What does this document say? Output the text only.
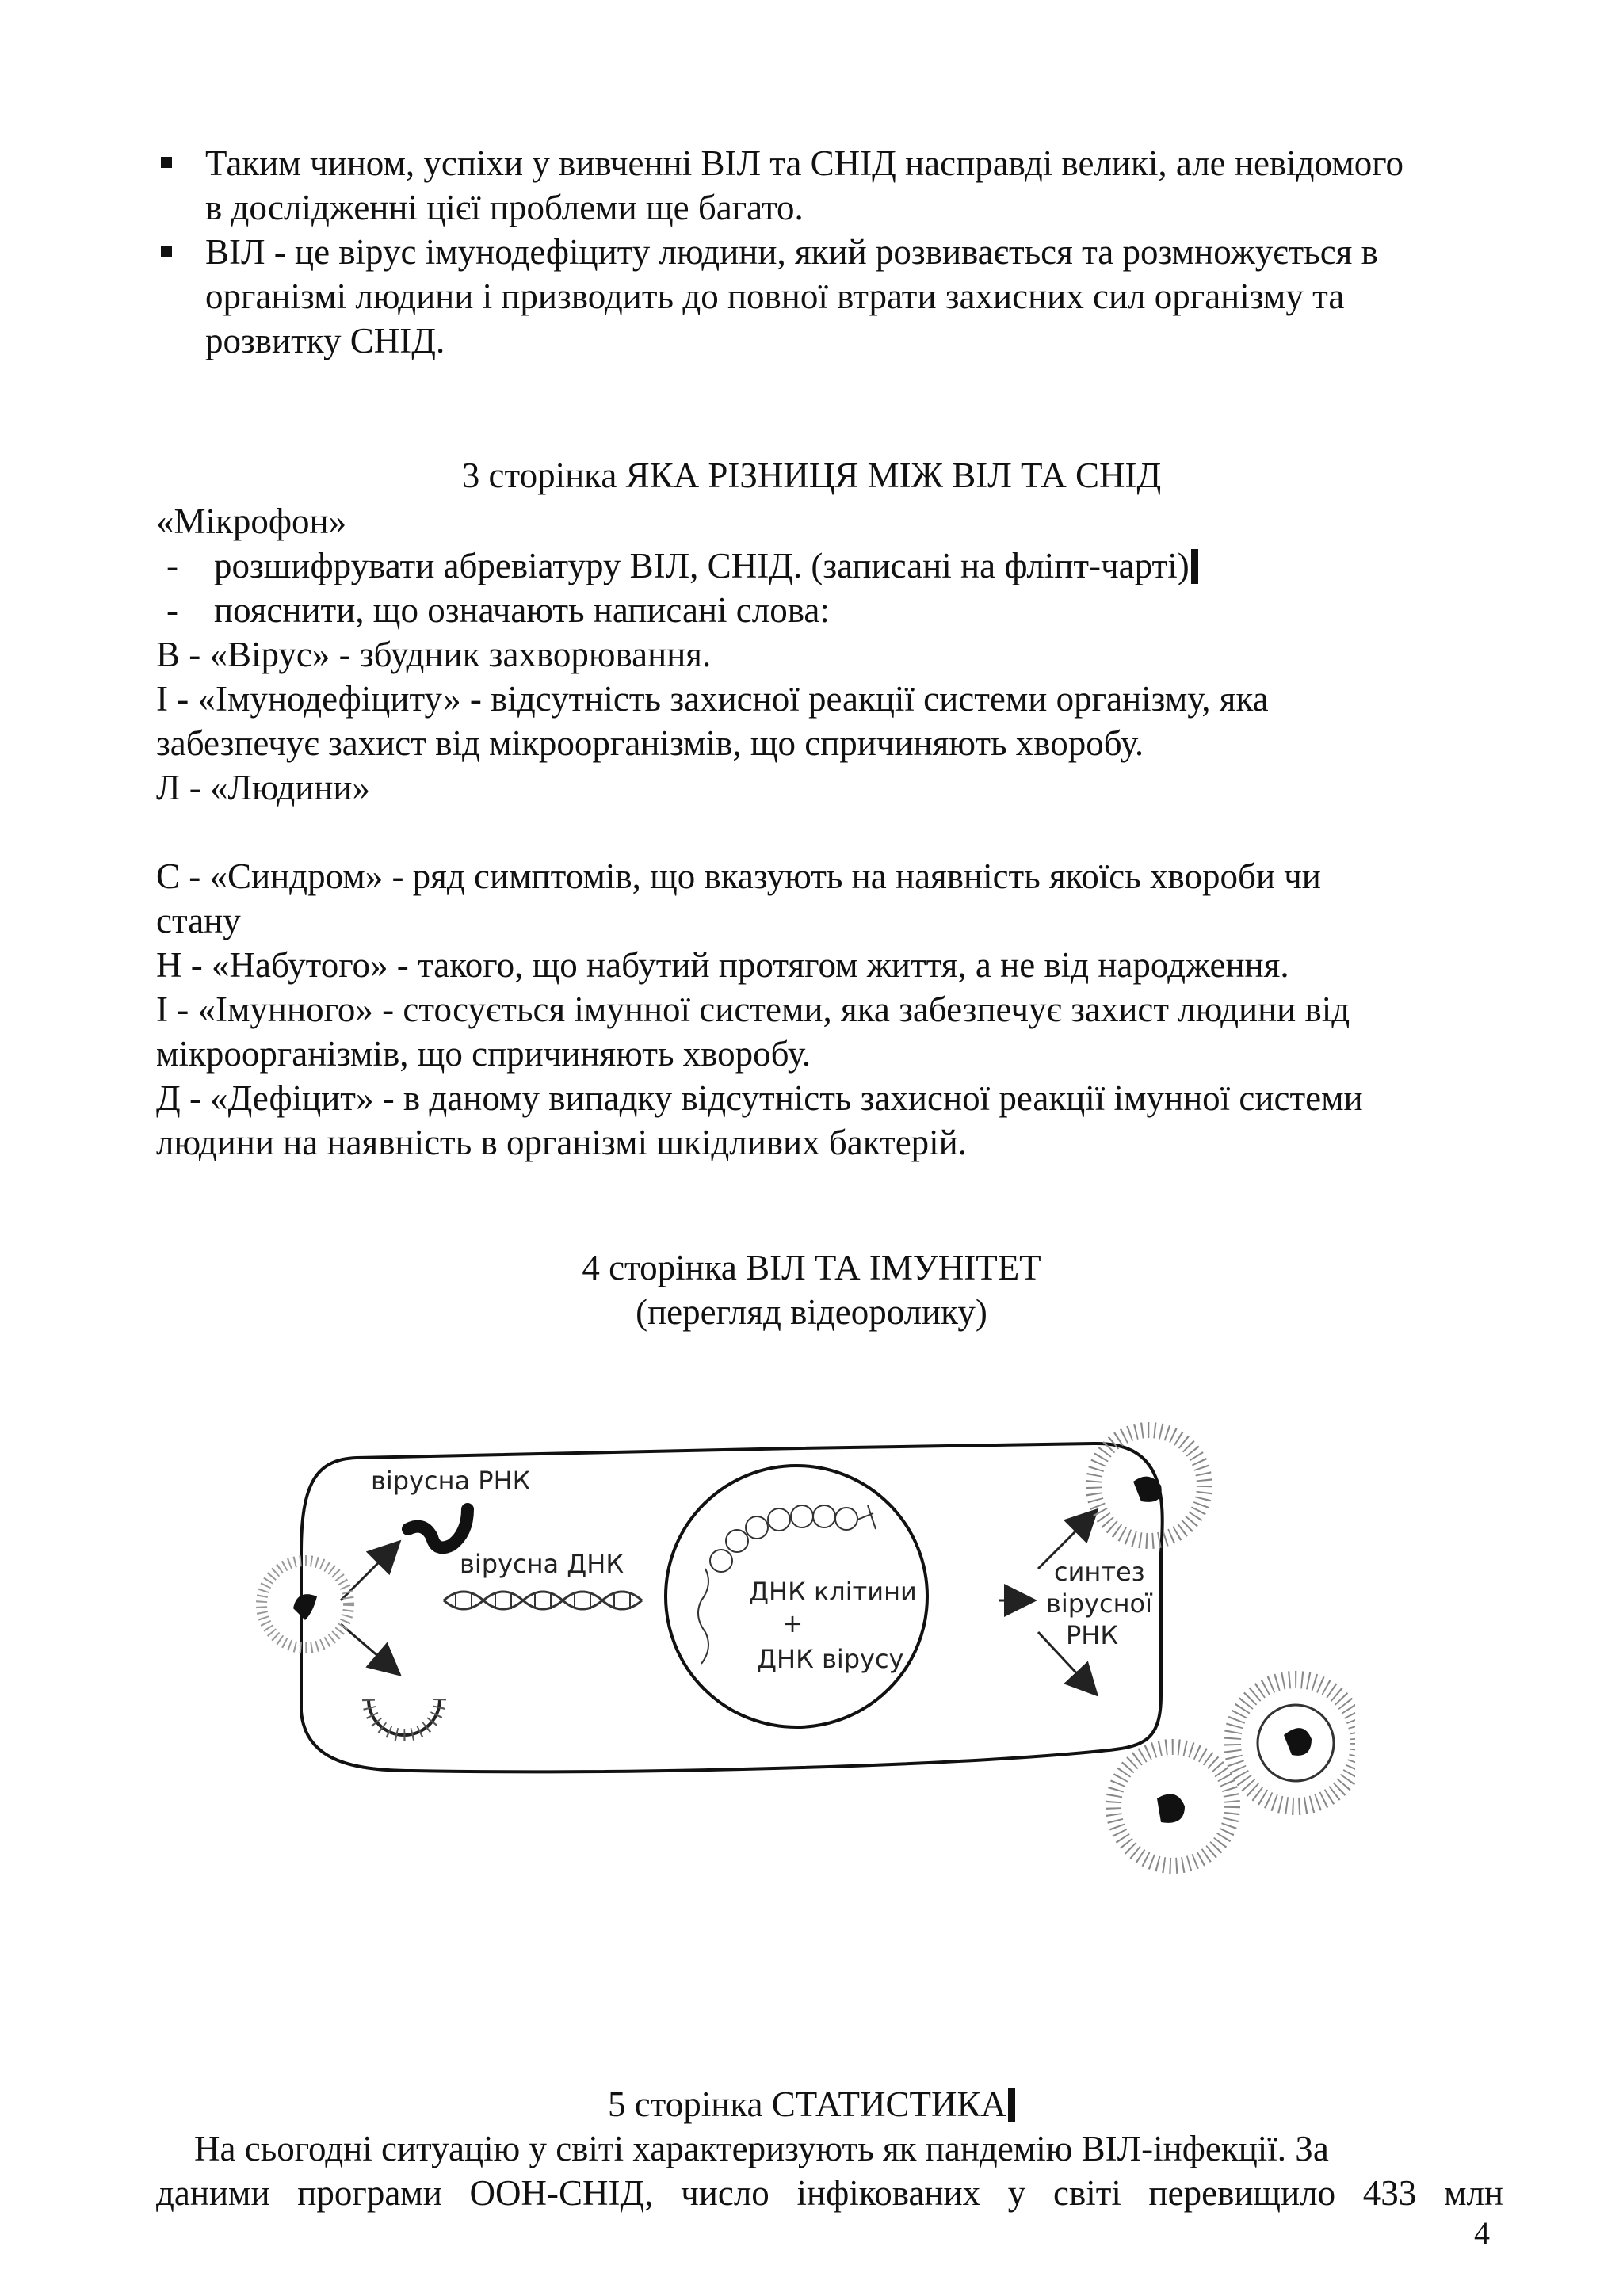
Таким чином, успіхи у вивченні ВІЛ та СНІД насправді великі, але невідомого
в дослідженні цієї проблеми ще багато.
ВІЛ - це вірус імунодефіциту людини, який розвивається та розмножується в
організмі людини і призводить до повної втрати захисних сил організму та
розвитку СНІД.
3 сторінка ЯКА РІЗНИЦЯ МІЖ ВІЛ ТА СНІД
«Мікрофон»
- розшифрувати абревіатуру ВІЛ, СНІД. (записані на фліпт-чарті)
- пояснити, що означають написані слова:
В - «Вірус» - збудник захворювання.
І - «Імунодефіциту» - відсутність захисної реакції системи організму, яка
забезпечує захист від мікроорганізмів, що спричиняють хворобу.
Л - «Людини»
С - «Синдром» - ряд симптомів, що вказують на наявність якоїсь хвороби чи
стану
Н - «Набутого» - такого, що набутий протягом життя, а не від народження.
І - «Імунного» - стосується імунної системи, яка забезпечує захист людини від
мікроорганізмів, що спричиняють хворобу.
Д - «Дефіцит» - в даному випадку відсутність захисної реакції імунної системи
людини на наявність в організмі шкідливих бактерій.
4 сторінка ВІЛ ТА ІМУНІТЕТ
(перегляд відеоролику)
ДНК клітини
+
ДНК вірусу
вірусна ДНК
вірусна РНК
синтез
вірусної
РНК
5 сторінка СТАТИСТИКА
На сьогодні ситуацію у світі характеризують як пандемію ВІЛ-інфекції. За
даними програми ООН-СНІД, число інфікованих у світі перевищило 433 млн
4
